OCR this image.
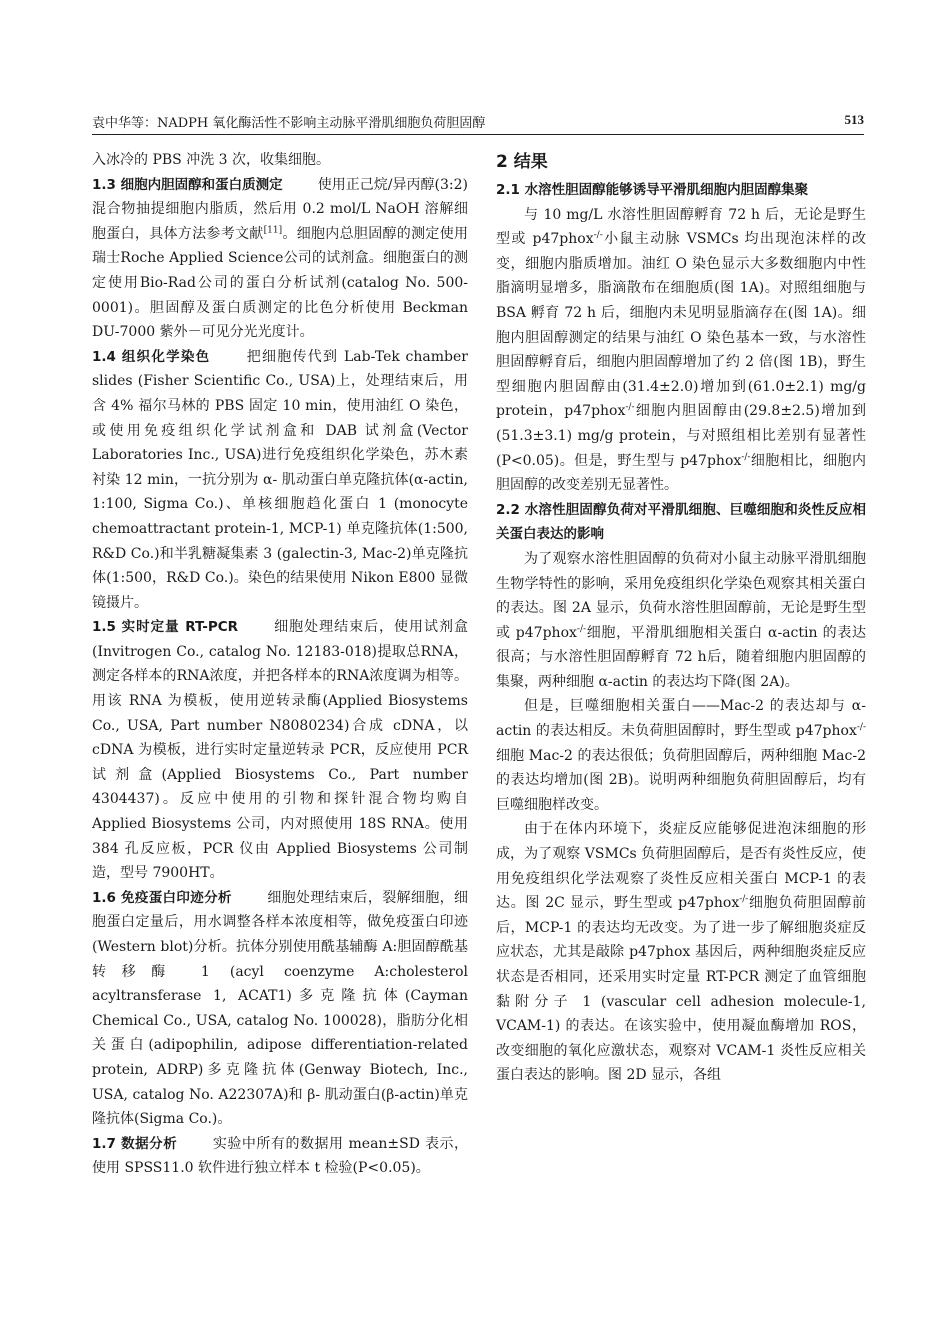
袁中华等：NADPH 氧化酶活性不影响主动脉平滑肌细胞负荷胆固醇	513

入冰冷的 PBS 冲洗 3 次，收集细胞。

1.3 细胞内胆固醇和蛋白质测定	使用正己烷/异丙醇(3:2)混合物抽提细胞内脂质，然后用 0.2 mol/L NaOH 溶解细胞蛋白，具体方法参考文献[11]。细胞内总胆固醇的测定使用瑞士Roche Applied Science公司的试剂盒。细胞蛋白的测定使用Bio-Rad公司的蛋白分析试剂(catalog No. 500-0001)。胆固醇及蛋白质测定的比色分析使用 Beckman DU-7000 紫外－可见分光光度计。

1.4 组织化学染色	把细胞传代到 Lab-Tek chamber slides (Fisher Scientific Co., USA)上，处理结束后，用含 4% 福尔马林的 PBS 固定 10 min，使用油红 O 染色，或使用免疫组织化学试剂盒和 DAB 试剂盒(Vector Laboratories Inc., USA)进行免疫组织化学染色，苏木素衬染 12 min，一抗分别为 α- 肌动蛋白单克隆抗体(α-actin, 1:100, Sigma Co.)、单核细胞趋化蛋白 1 (monocyte chemoattractant protein-1, MCP-1) 单克隆抗体(1:500, R&D Co.)和半乳糖凝集素 3 (galectin-3, Mac-2)单克隆抗体(1:500，R&D Co.)。染色的结果使用 Nikon E800 显微镜摄片。

1.5 实时定量 RT-PCR	细胞处理结束后，使用试剂盒(Invitrogen Co., catalog No. 12183-018)提取总RNA，测定各样本的RNA浓度，并把各样本的RNA浓度调为相等。用该 RNA 为模板，使用逆转录酶(Applied Biosystems Co., USA, Part number N8080234)合成 cDNA，以 cDNA 为模板，进行实时定量逆转录 PCR，反应使用 PCR 试剂盒(Applied Biosystems Co., Part number 4304437)。反应中使用的引物和探针混合物均购自 Applied Biosystems 公司，内对照使用 18S RNA。使用 384 孔反应板，PCR 仪由 Applied Biosystems 公司制造，型号 7900HT。

1.6 免疫蛋白印迹分析	细胞处理结束后，裂解细胞，细胞蛋白定量后，用水调整各样本浓度相等，做免疫蛋白印迹(Western blot)分析。抗体分别使用酰基辅酶 A:胆固醇酰基转移酶 1 (acyl coenzyme A:cholesterol acyltransferase 1, ACAT1)多克隆抗体(Cayman Chemical Co., USA, catalog No. 100028)，脂肪分化相关蛋白(adipophilin, adipose differentiation-related protein, ADRP)多克隆抗体(Genway Biotech, Inc., USA, catalog No. A22307A)和 β- 肌动蛋白(β-actin)单克隆抗体(Sigma Co.)。

1.7 数据分析	实验中所有的数据用 mean±SD 表示，使用 SPSS11.0 软件进行独立样本 t 检验(P<0.05)。

2 结果
2.1 水溶性胆固醇能够诱导平滑肌细胞内胆固醇集聚

与 10 mg/L 水溶性胆固醇孵育 72 h 后，无论是野生型或 p47phox-/-小鼠主动脉 VSMCs 均出现泡沫样的改变，细胞内脂质增加。油红 O 染色显示大多数细胞内中性脂滴明显增多，脂滴散布在细胞质(图 1A)。对照组细胞与 BSA 孵育 72 h 后，细胞内未见明显脂滴存在(图 1A)。细胞内胆固醇测定的结果与油红 O 染色基本一致，与水溶性胆固醇孵育后，细胞内胆固醇增加了约 2 倍(图 1B)，野生型细胞内胆固醇由(31.4±2.0)增加到(61.0±2.1) mg/g protein，p47phox-/-细胞内胆固醇由(29.8±2.5)增加到(51.3±3.1) mg/g protein，与对照组相比差别有显著性(P<0.05)。但是，野生型与 p47phox-/-细胞相比，细胞内胆固醇的改变差别无显著性。

2.2 水溶性胆固醇负荷对平滑肌细胞、巨噬细胞和炎性反应相关蛋白表达的影响

为了观察水溶性胆固醇的负荷对小鼠主动脉平滑肌细胞生物学特性的影响，采用免疫组织化学染色观察其相关蛋白的表达。图 2A 显示，负荷水溶性胆固醇前，无论是野生型或 p47phox-/-细胞，平滑肌细胞相关蛋白 α-actin 的表达很高；与水溶性胆固醇孵育 72 h后，随着细胞内胆固醇的集聚，两种细胞 α-actin 的表达均下降(图 2A)。

但是，巨噬细胞相关蛋白——Mac-2 的表达却与 α-actin 的表达相反。未负荷胆固醇时，野生型或 p47phox-/-细胞 Mac-2 的表达很低；负荷胆固醇后，两种细胞 Mac-2 的表达均增加(图 2B)。说明两种细胞负荷胆固醇后，均有巨噬细胞样改变。

由于在体内环境下，炎症反应能够促进泡沫细胞的形成，为了观察 VSMCs 负荷胆固醇后，是否有炎性反应，使用免疫组织化学法观察了炎性反应相关蛋白 MCP-1 的表达。图 2C 显示，野生型或 p47phox-/-细胞负荷胆固醇前后，MCP-1 的表达均无改变。为了进一步了解细胞炎症反应状态，尤其是敲除 p47phox 基因后，两种细胞炎症反应状态是否相同，还采用实时定量 RT-PCR 测定了血管细胞黏附分子 1 (vascular cell adhesion molecule-1, VCAM-1) 的表达。在该实验中，使用凝血酶增加 ROS，改变细胞的氧化应激状态，观察对 VCAM-1 炎性反应相关蛋白表达的影响。图 2D 显示，各组
